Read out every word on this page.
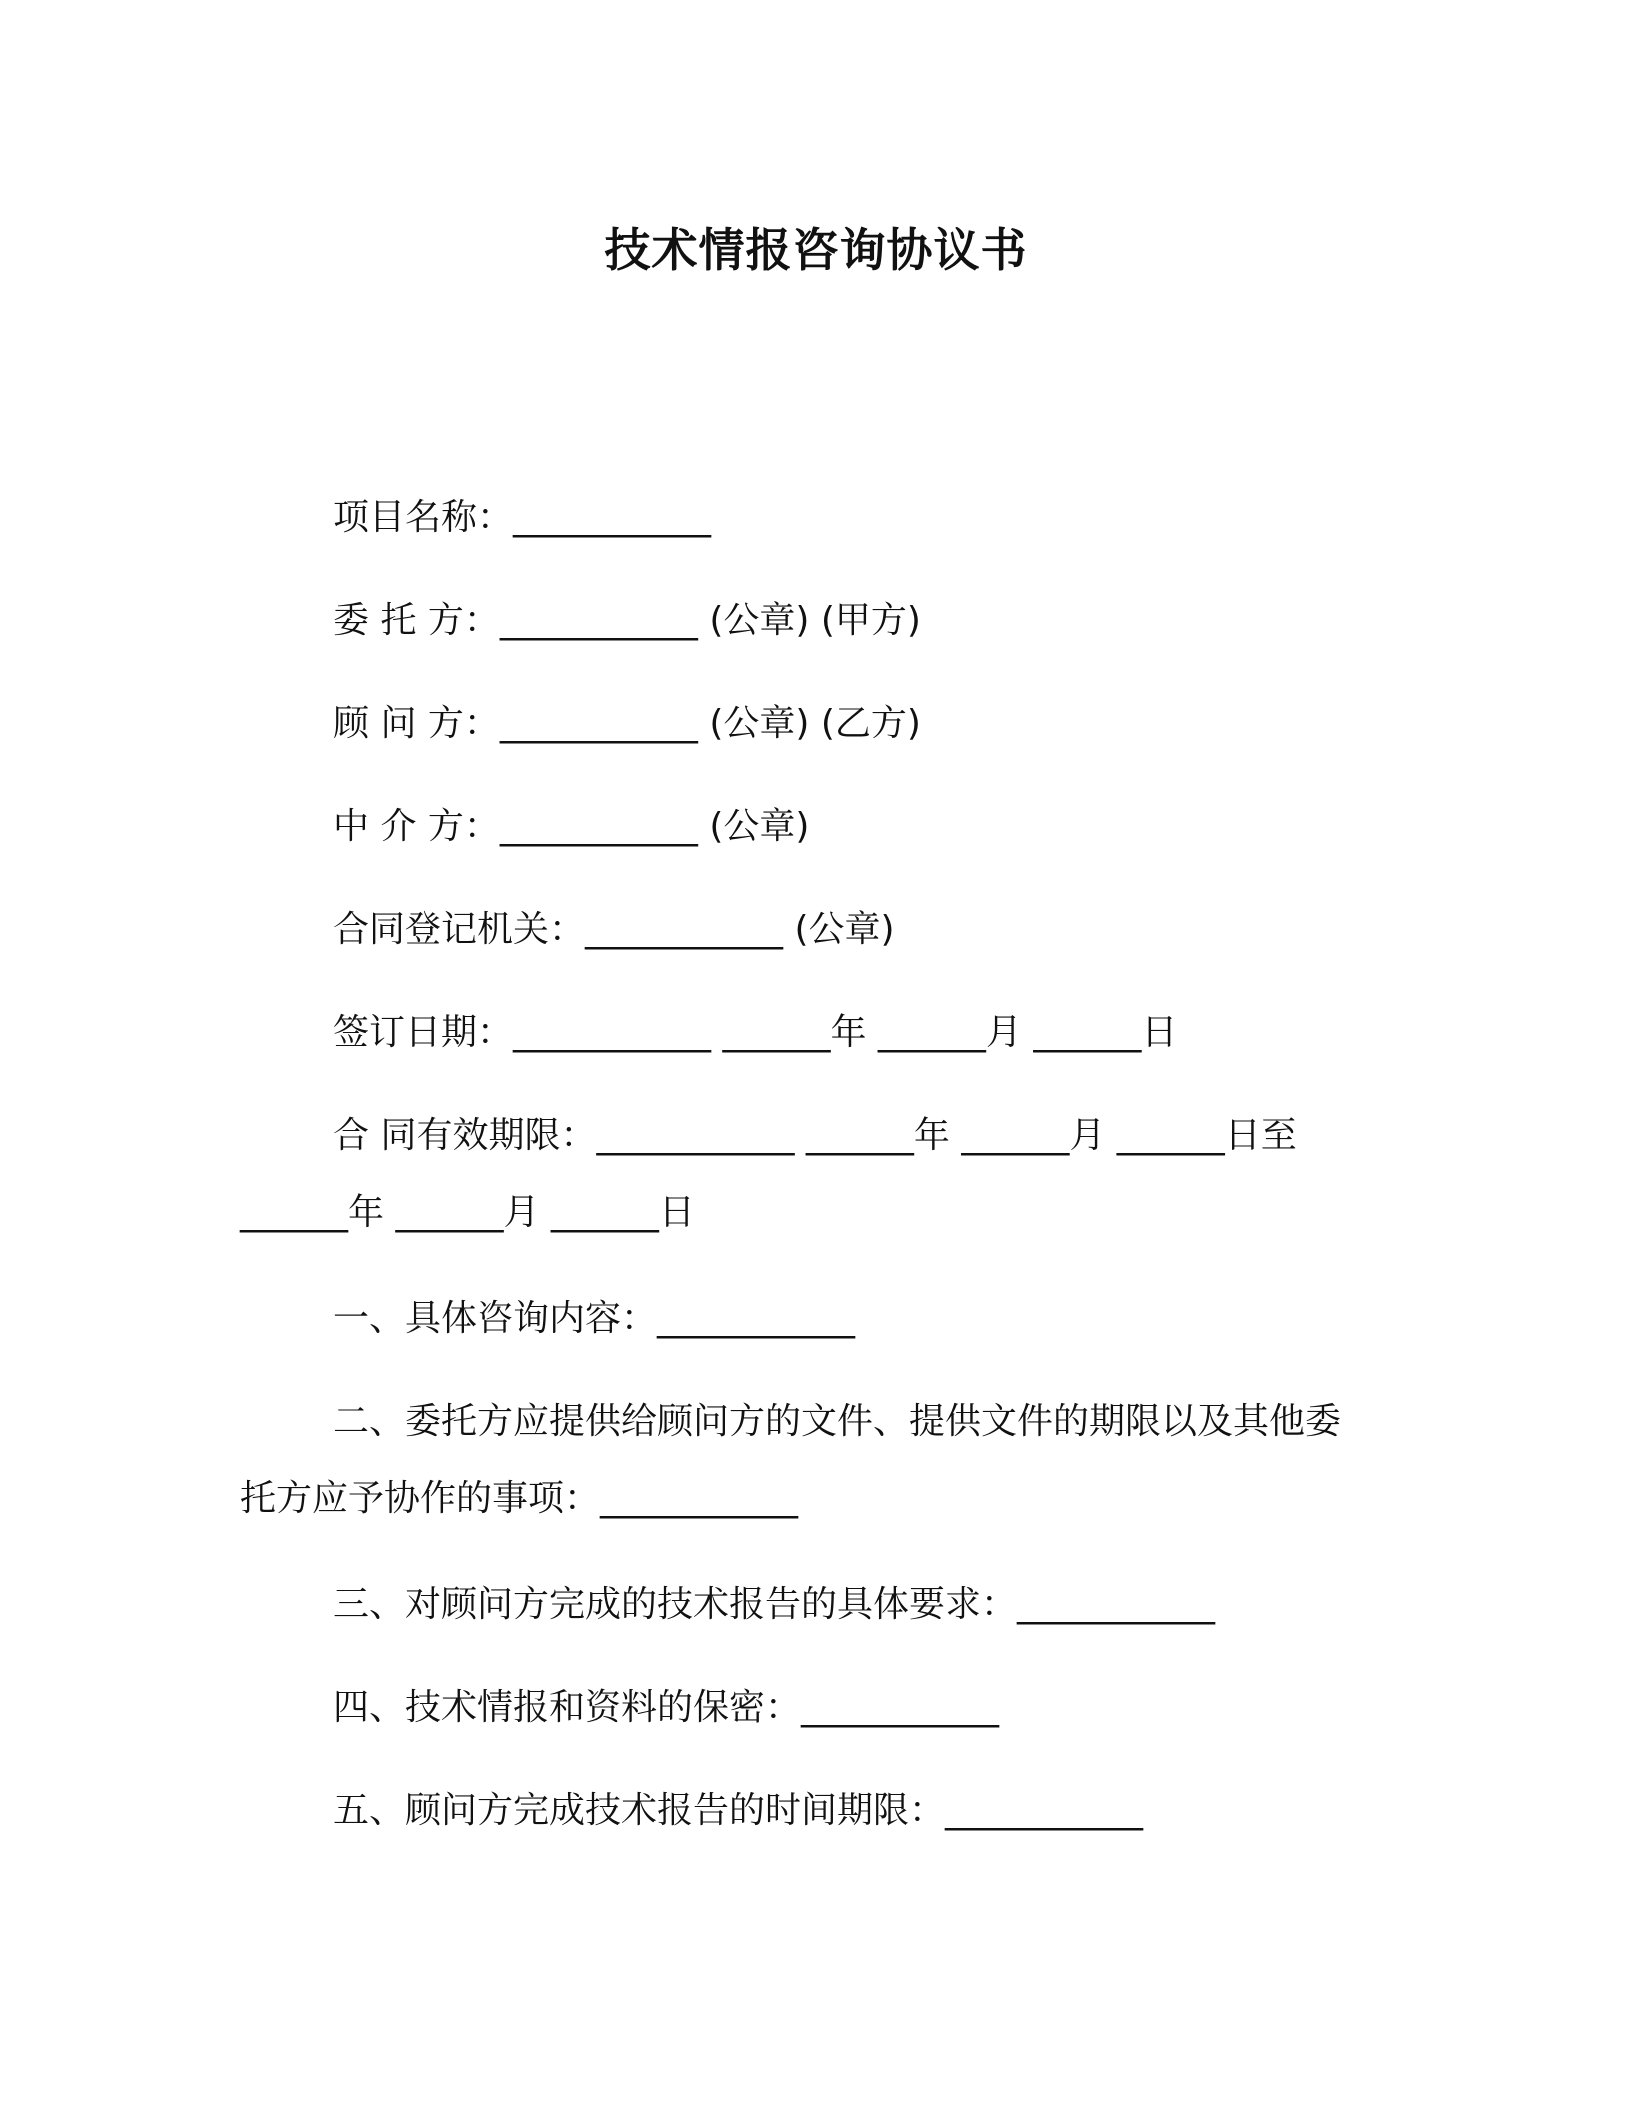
技术情报咨询协议书
项目名称：___________
委 托 方：___________ (公章) (甲方)
顾 问 方：___________ (公章) (乙方)
中 介 方：___________ (公章)
合同登记机关：___________ (公章)
签订日期：___________ ______年 ______月 ______日
合 同有效期限：___________ ______年 ______月 ______日至
______年 ______月 ______日
一、具体咨询内容：___________
二、委托方应提供给顾问方的文件、提供文件的期限以及其他委
托方应予协作的事项：___________
三、对顾问方完成的技术报告的具体要求：___________
四、技术情报和资料的保密：___________
五、顾问方完成技术报告的时间期限：___________
